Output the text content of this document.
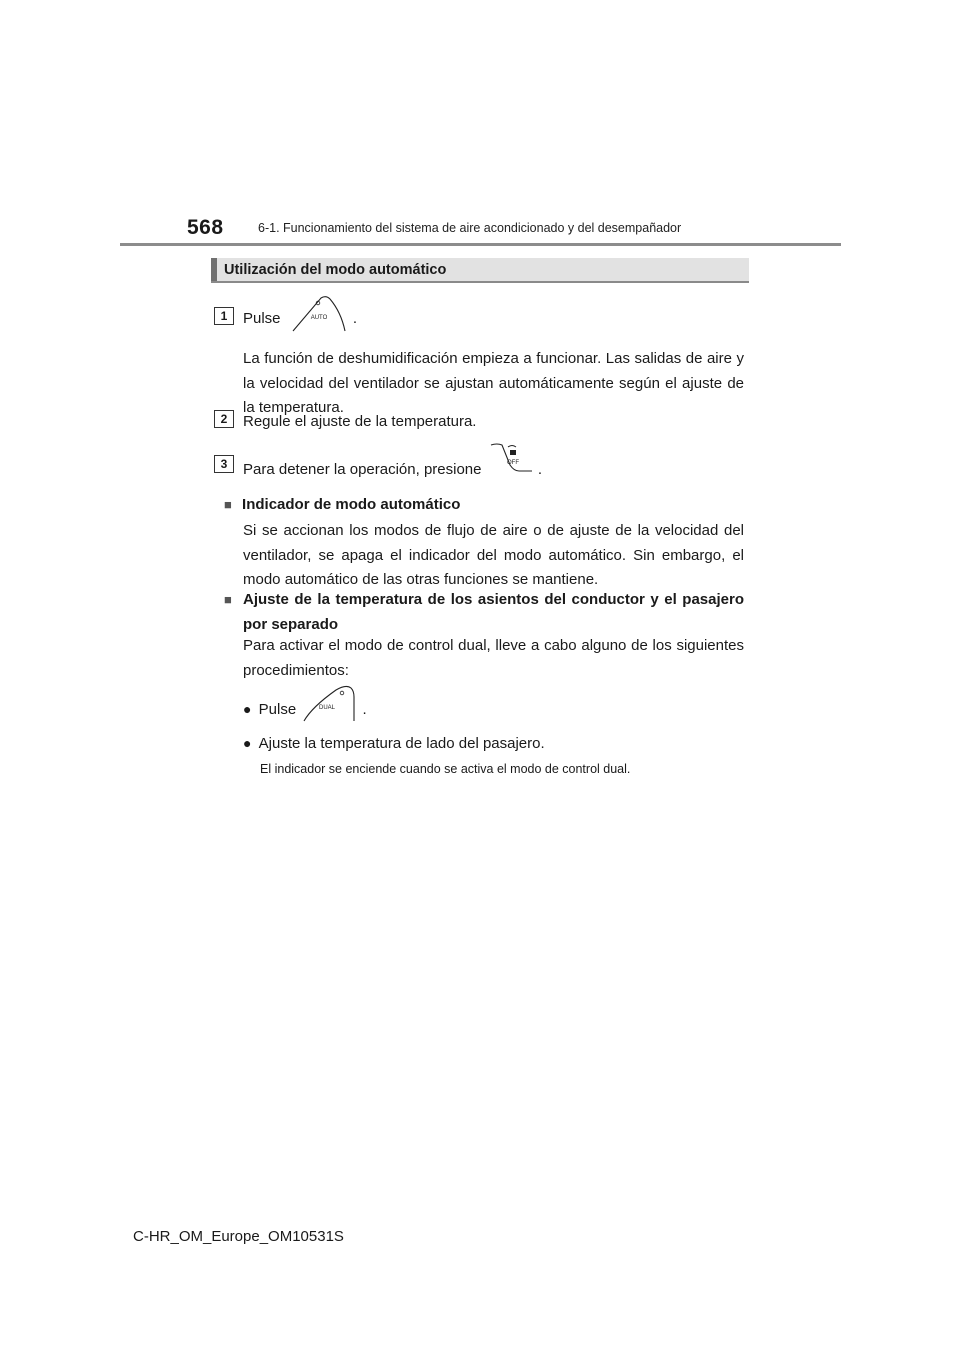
568	6-1. Funcionamiento del sistema de aire acondicionado y del desempañador
Utilización del modo automático
1	Pulse	AUTO .
La función de deshumidificación empieza a funcionar. Las salidas de aire y la velocidad del ventilador se ajustan automáticamente según el ajuste de la temperatura.
2	Regule el ajuste de la temperatura.
3	Para detener la operación, presione	OFF .
■ Indicador de modo automático
Si se accionan los modos de flujo de aire o de ajuste de la velocidad del ventilador, se apaga el indicador del modo automático. Sin embargo, el modo automático de las otras funciones se mantiene.
■ Ajuste de la temperatura de los asientos del conductor y el pasajero por separado
Para activar el modo de control dual, lleve a cabo alguno de los siguientes procedimientos:
● Pulse	DUAL .
● Ajuste la temperatura de lado del pasajero.
El indicador se enciende cuando se activa el modo de control dual.
C-HR_OM_Europe_OM10531S
